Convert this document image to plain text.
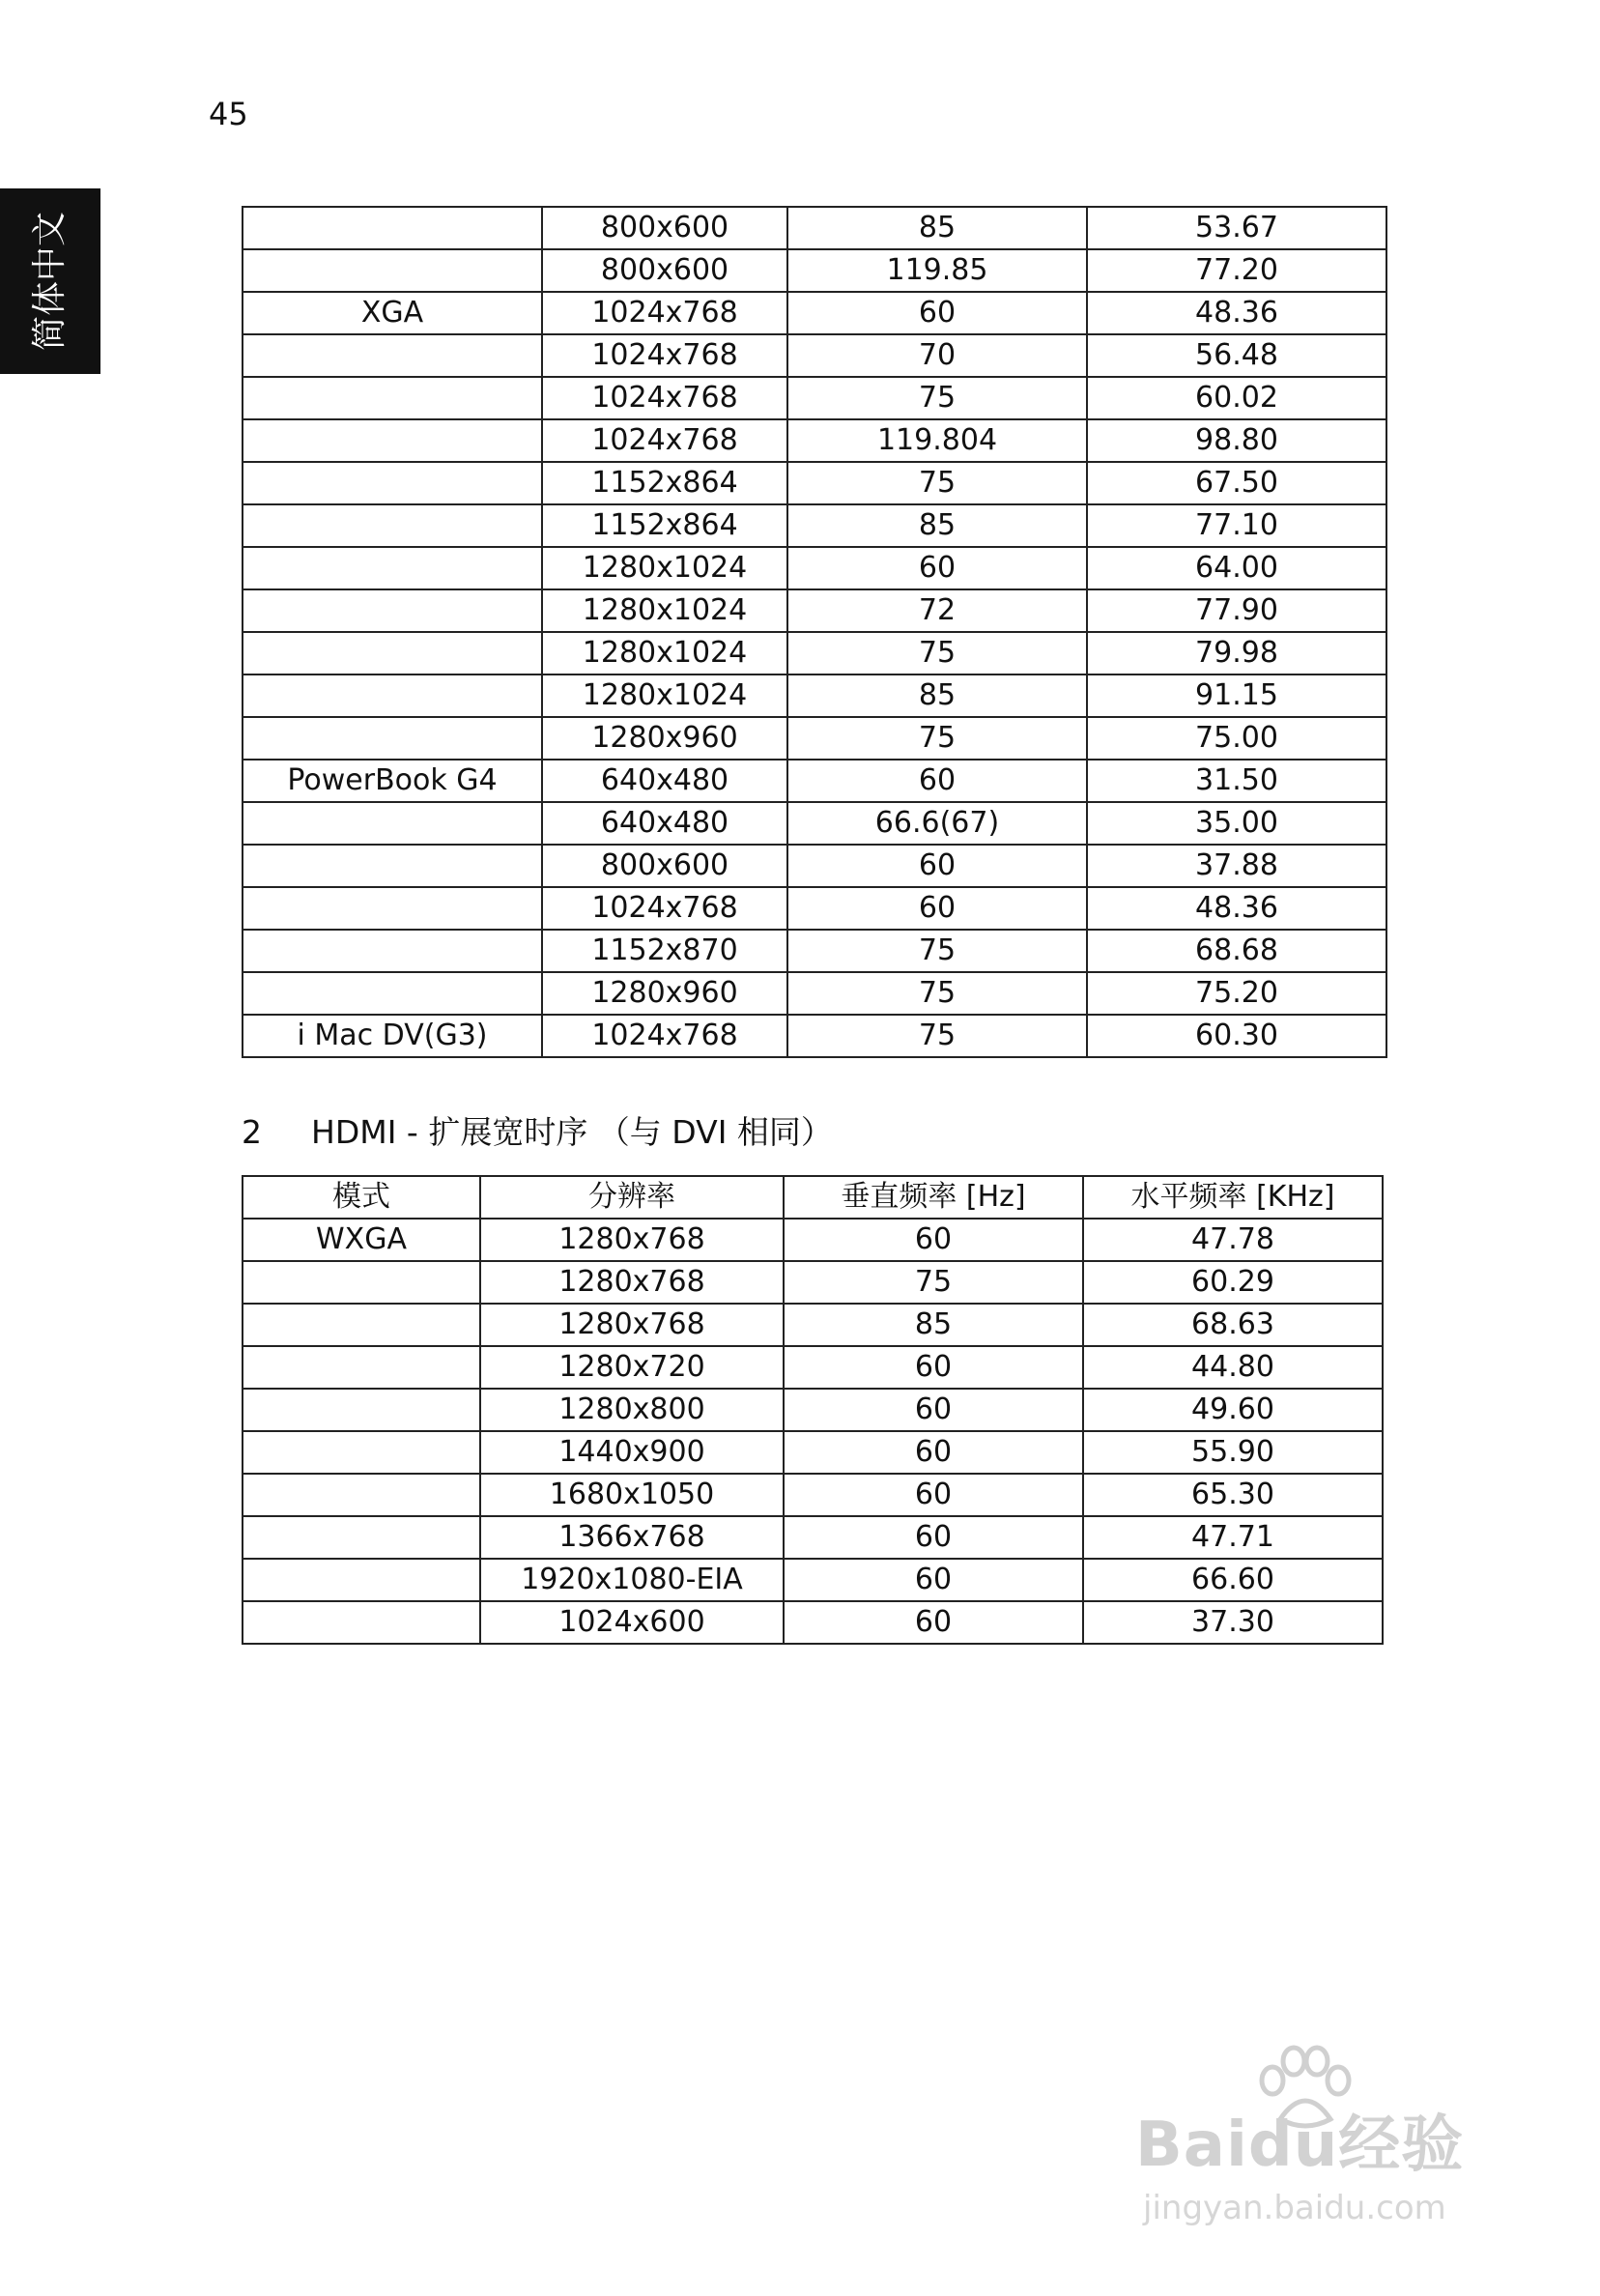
45
简体中文
		800x600	85	53.67
	800x600	119.85	77.20
XGA	1024x768	60	48.36
	1024x768	70	56.48
	1024x768	75	60.02
	1024x768	119.804	98.80
	1152x864	75	67.50
	1152x864	85	77.10
	1280x1024	60	64.00
	1280x1024	72	77.90
	1280x1024	75	79.98
	1280x1024	85	91.15
	1280x960	75	75.00
PowerBook G4	640x480	60	31.50
	640x480	66.6(67)	35.00
	800x600	60	37.88
	1024x768	60	48.36
	1152x870	75	68.68
	1280x960	75	75.20
i Mac DV(G3)	1024x768	75	60.30
2 HDMI - 扩展宽时序 （与 DVI 相同）
模式	分辨率	垂直频率 [Hz]	水平频率 [KHz]
WXGA	1280x768	60	47.78
	1280x768	75	60.29
	1280x768	85	68.63
	1280x720	60	44.80
	1280x800	60	49.60
	1440x900	60	55.90
	1680x1050	60	65.30
	1366x768	60	47.71
	1920x1080-EIA	60	66.60
	1024x600	60	37.30
Baidu经验
jingyan.baidu.com
